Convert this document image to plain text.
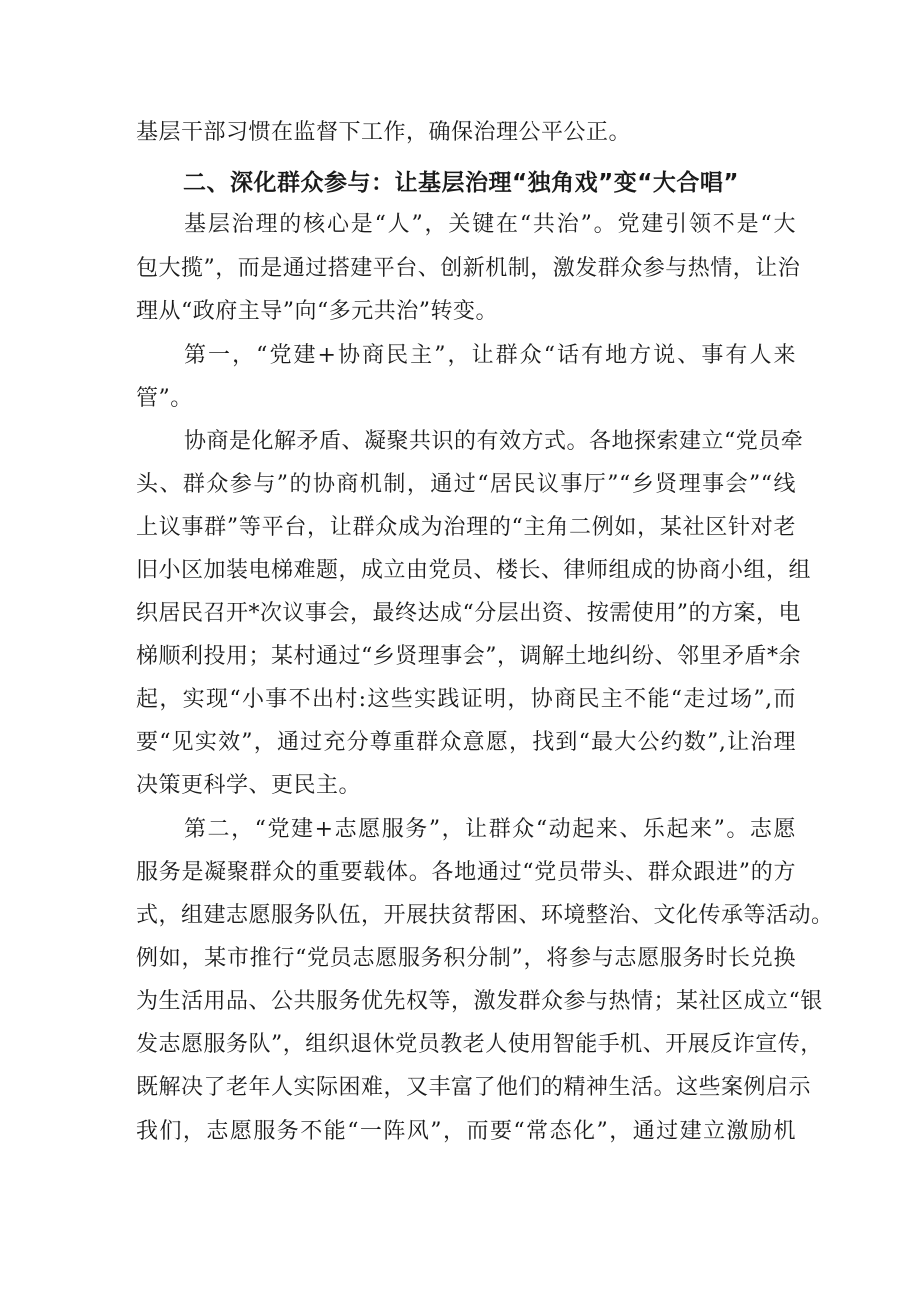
基层干部习惯在监督下工作，确保治理公平公正。
二、深化群众参与：让基层治理“独角戏”变“大合唱”
基层治理的核心是“人”，关键在“共治”。党建引领不是“大
包大揽”，而是通过搭建平台、创新机制，激发群众参与热情，让治
理从“政府主导”向“多元共治”转变。
第一，“党建+协商民主”，让群众“话有地方说、事有人来
管”。
协商是化解矛盾、凝聚共识的有效方式。各地探索建立“党员牵
头、群众参与”的协商机制，通过“居民议事厅”“乡贤理事会”“线
上议事群”等平台，让群众成为治理的“主角二例如，某社区针对老
旧小区加装电梯难题，成立由党员、楼长、律师组成的协商小组，组
织居民召开*次议事会，最终达成“分层出资、按需使用”的方案，电
梯顺利投用；某村通过“乡贤理事会”，调解土地纠纷、邻里矛盾*余
起，实现“小事不出村:这些实践证明，协商民主不能“走过场”,而
要“见实效”，通过充分尊重群众意愿，找到“最大公约数”,让治理
决策更科学、更民主。
第二，“党建+志愿服务”，让群众“动起来、乐起来”。志愿
服务是凝聚群众的重要载体。各地通过“党员带头、群众跟进”的方
式，组建志愿服务队伍，开展扶贫帮困、环境整治、文化传承等活动。
例如，某市推行“党员志愿服务积分制”，将参与志愿服务时长兑换
为生活用品、公共服务优先权等，激发群众参与热情；某社区成立“银
发志愿服务队”，组织退休党员教老人使用智能手机、开展反诈宣传，
既解决了老年人实际困难，又丰富了他们的精神生活。这些案例启示
我们，志愿服务不能“一阵风”，而要“常态化”，通过建立激励机
